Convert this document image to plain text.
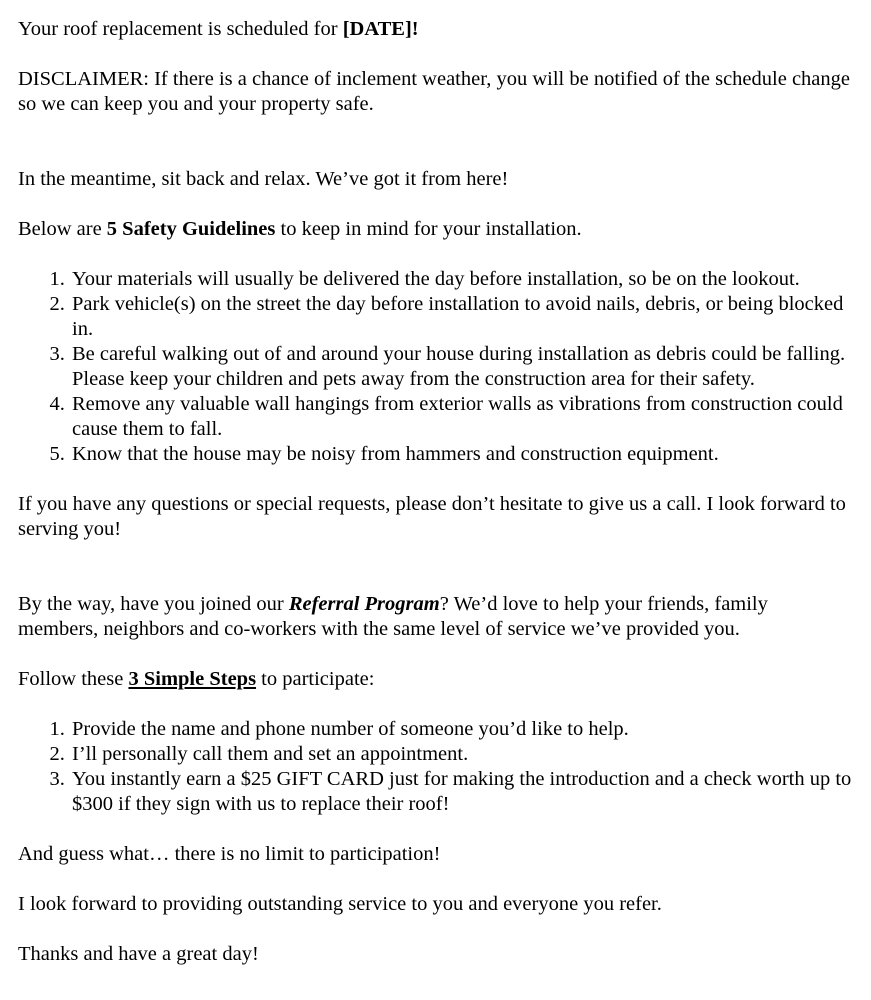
Your roof replacement is scheduled for [DATE]!

DISCLAIMER: If there is a chance of inclement weather, you will be notified of the schedule change so we can keep you and your property safe.

In the meantime, sit back and relax. We’ve got it from here!

Below are 5 Safety Guidelines to keep in mind for your installation.

1. Your materials will usually be delivered the day before installation, so be on the lookout.
2. Park vehicle(s) on the street the day before installation to avoid nails, debris, or being blocked in.
3. Be careful walking out of and around your house during installation as debris could be falling. Please keep your children and pets away from the construction area for their safety.
4. Remove any valuable wall hangings from exterior walls as vibrations from construction could cause them to fall.
5. Know that the house may be noisy from hammers and construction equipment.

If you have any questions or special requests, please don’t hesitate to give us a call. I look forward to serving you!

By the way, have you joined our Referral Program? We’d love to help your friends, family members, neighbors and co-workers with the same level of service we’ve provided you.

Follow these 3 Simple Steps to participate:

1. Provide the name and phone number of someone you’d like to help.
2. I’ll personally call them and set an appointment.
3. You instantly earn a $25 GIFT CARD just for making the introduction and a check worth up to $300 if they sign with us to replace their roof!

And guess what… there is no limit to participation!

I look forward to providing outstanding service to you and everyone you refer.

Thanks and have a great day!
